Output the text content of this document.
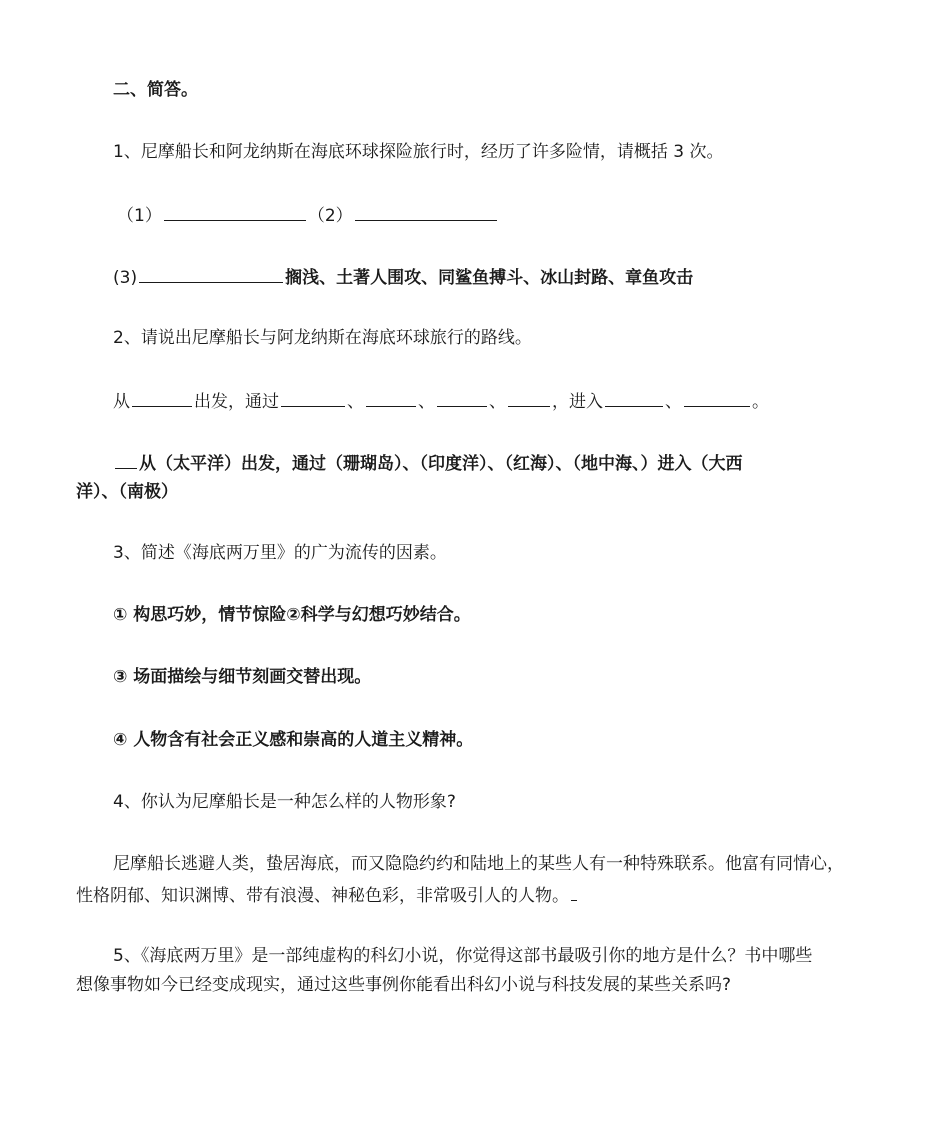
二、简答。
1、尼摩船长和阿龙纳斯在海底环球探险旅行时，经历了许多险情，请概括 3 次。
（1）	（2）
(3)	搁浅、土著人围攻、同鲨鱼搏斗、冰山封路、章鱼攻击
2、请说出尼摩船长与阿龙纳斯在海底环球旅行的路线。
从	出发，通过	、	、	、	，进入	、	。
从（太平洋）出发，通过（珊瑚岛）、（印度洋）、（红海）、（地中海、）进入（大西
洋）、（南极）
3、简述《海底两万里》的广为流传的因素。
① 构思巧妙，情节惊险②科学与幻想巧妙结合。
③ 场面描绘与细节刻画交替出现。
④ 人物含有社会正义感和崇高的人道主义精神。
4、你认为尼摩船长是一种怎么样的人物形象?
尼摩船长逃避人类，蛰居海底，而又隐隐约约和陆地上的某些人有一种特殊联系。他富有同情心，
性格阴郁、知识渊博、带有浪漫、神秘色彩，非常吸引人的人物。
5、《海底两万里》是一部纯虚构的科幻小说，你觉得这部书最吸引你的地方是什么？书中哪些
想像事物如今已经变成现实，通过这些事例你能看出科幻小说与科技发展的某些关系吗?
